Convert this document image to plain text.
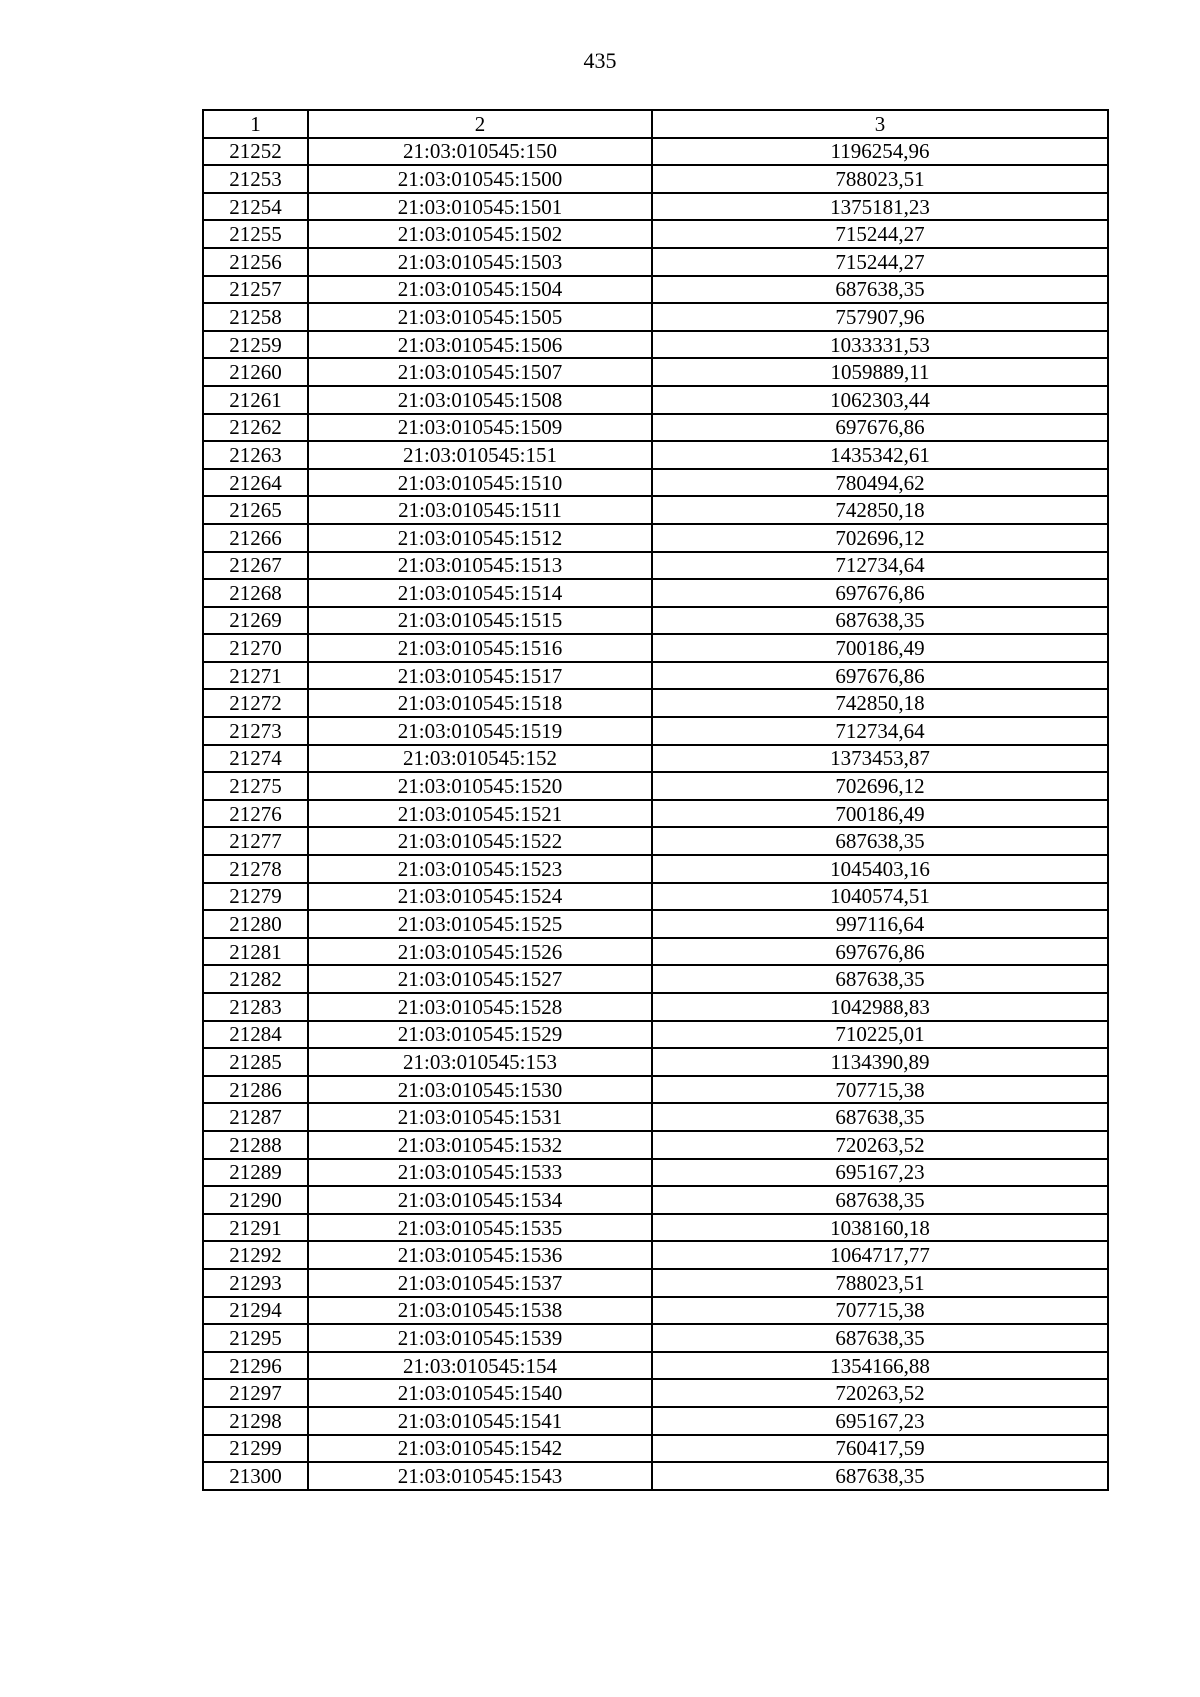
435
1	2	3
21252	21:03:010545:150	1196254,96
21253	21:03:010545:1500	788023,51
21254	21:03:010545:1501	1375181,23
21255	21:03:010545:1502	715244,27
21256	21:03:010545:1503	715244,27
21257	21:03:010545:1504	687638,35
21258	21:03:010545:1505	757907,96
21259	21:03:010545:1506	1033331,53
21260	21:03:010545:1507	1059889,11
21261	21:03:010545:1508	1062303,44
21262	21:03:010545:1509	697676,86
21263	21:03:010545:151	1435342,61
21264	21:03:010545:1510	780494,62
21265	21:03:010545:1511	742850,18
21266	21:03:010545:1512	702696,12
21267	21:03:010545:1513	712734,64
21268	21:03:010545:1514	697676,86
21269	21:03:010545:1515	687638,35
21270	21:03:010545:1516	700186,49
21271	21:03:010545:1517	697676,86
21272	21:03:010545:1518	742850,18
21273	21:03:010545:1519	712734,64
21274	21:03:010545:152	1373453,87
21275	21:03:010545:1520	702696,12
21276	21:03:010545:1521	700186,49
21277	21:03:010545:1522	687638,35
21278	21:03:010545:1523	1045403,16
21279	21:03:010545:1524	1040574,51
21280	21:03:010545:1525	997116,64
21281	21:03:010545:1526	697676,86
21282	21:03:010545:1527	687638,35
21283	21:03:010545:1528	1042988,83
21284	21:03:010545:1529	710225,01
21285	21:03:010545:153	1134390,89
21286	21:03:010545:1530	707715,38
21287	21:03:010545:1531	687638,35
21288	21:03:010545:1532	720263,52
21289	21:03:010545:1533	695167,23
21290	21:03:010545:1534	687638,35
21291	21:03:010545:1535	1038160,18
21292	21:03:010545:1536	1064717,77
21293	21:03:010545:1537	788023,51
21294	21:03:010545:1538	707715,38
21295	21:03:010545:1539	687638,35
21296	21:03:010545:154	1354166,88
21297	21:03:010545:1540	720263,52
21298	21:03:010545:1541	695167,23
21299	21:03:010545:1542	760417,59
21300	21:03:010545:1543	687638,35
